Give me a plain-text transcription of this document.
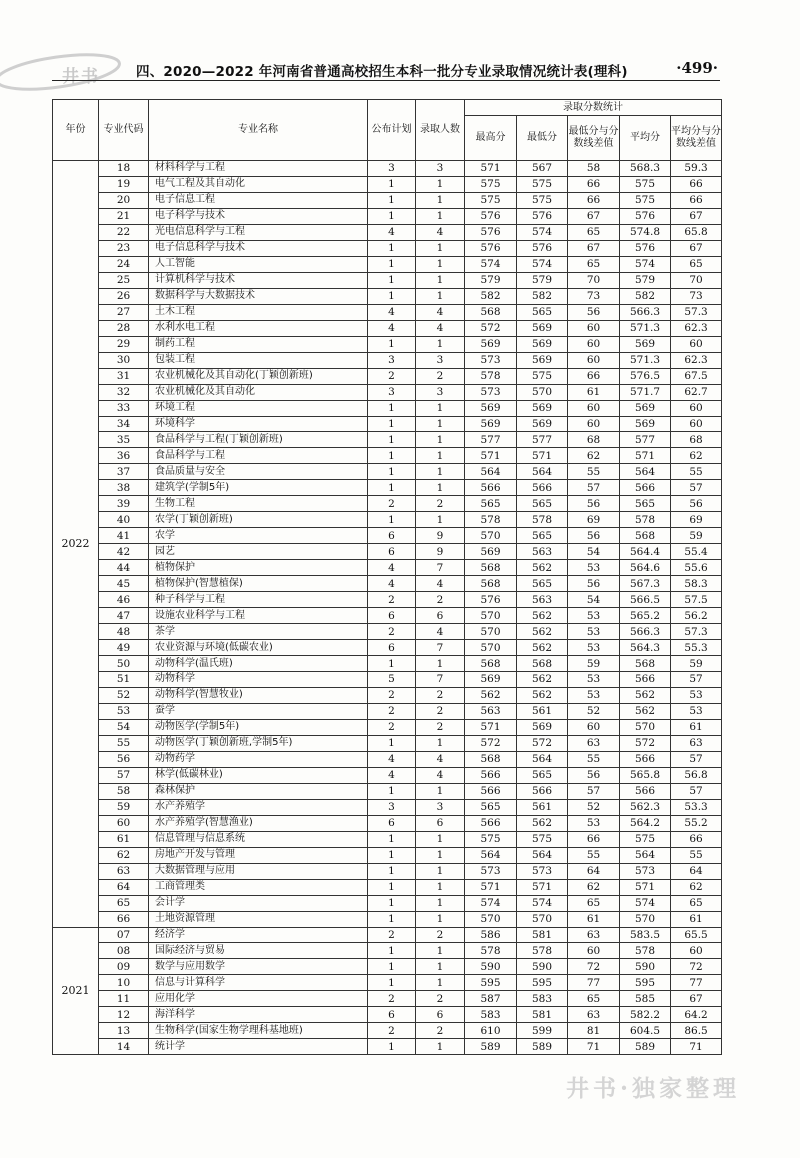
井书	四、2020—2022 年河南省普通高校招生本科一批分专业录取情况统计表(理科)	·499·
年份	专业代码	专业名称	公布计划	录取人数	录取分数统计				
					最高分	最低分	最低分与分数线差值	平均分	平均分与分数线差值
2022	18	材料科学与工程	3	3	571	567	58	568.3	59.3
	19	电气工程及其自动化	1	1	575	575	66	575	66
	20	电子信息工程	1	1	575	575	66	575	66
	21	电子科学与技术	1	1	576	576	67	576	67
	22	光电信息科学与工程	4	4	576	574	65	574.8	65.8
	23	电子信息科学与技术	1	1	576	576	67	576	67
	24	人工智能	1	1	574	574	65	574	65
	25	计算机科学与技术	1	1	579	579	70	579	70
	26	数据科学与大数据技术	1	1	582	582	73	582	73
	27	土木工程	4	4	568	565	56	566.3	57.3
	28	水利水电工程	4	4	572	569	60	571.3	62.3
	29	制药工程	1	1	569	569	60	569	60
	30	包装工程	3	3	573	569	60	571.3	62.3
	31	农业机械化及其自动化(丁颖创新班)	2	2	578	575	66	576.5	67.5
	32	农业机械化及其自动化	3	3	573	570	61	571.7	62.7
	33	环境工程	1	1	569	569	60	569	60
	34	环境科学	1	1	569	569	60	569	60
	35	食品科学与工程(丁颖创新班)	1	1	577	577	68	577	68
	36	食品科学与工程	1	1	571	571	62	571	62
	37	食品质量与安全	1	1	564	564	55	564	55
	38	建筑学(学制5年)	1	1	566	566	57	566	57
	39	生物工程	2	2	565	565	56	565	56
	40	农学(丁颖创新班)	1	1	578	578	69	578	69
	41	农学	6	9	570	565	56	568	59
	42	园艺	6	9	569	563	54	564.4	55.4
	44	植物保护	4	7	568	562	53	564.6	55.6
	45	植物保护(智慧植保)	4	4	568	565	56	567.3	58.3
	46	种子科学与工程	2	2	576	563	54	566.5	57.5
	47	设施农业科学与工程	6	6	570	562	53	565.2	56.2
	48	茶学	2	4	570	562	53	566.3	57.3
	49	农业资源与环境(低碳农业)	6	7	570	562	53	564.3	55.3
	50	动物科学(温氏班)	1	1	568	568	59	568	59
	51	动物科学	5	7	569	562	53	566	57
	52	动物科学(智慧牧业)	2	2	562	562	53	562	53
	53	蚕学	2	2	563	561	52	562	53
	54	动物医学(学制5年)	2	2	571	569	60	570	61
	55	动物医学(丁颖创新班,学制5年)	1	1	572	572	63	572	63
	56	动物药学	4	4	568	564	55	566	57
	57	林学(低碳林业)	4	4	566	565	56	565.8	56.8
	58	森林保护	1	1	566	566	57	566	57
	59	水产养殖学	3	3	565	561	52	562.3	53.3
	60	水产养殖学(智慧渔业)	6	6	566	562	53	564.2	55.2
	61	信息管理与信息系统	1	1	575	575	66	575	66
	62	房地产开发与管理	1	1	564	564	55	564	55
	63	大数据管理与应用	1	1	573	573	64	573	64
	64	工商管理类	1	1	571	571	62	571	62
	65	会计学	1	1	574	574	65	574	65
	66	土地资源管理	1	1	570	570	61	570	61
2021	07	经济学	2	2	586	581	63	583.5	65.5
	08	国际经济与贸易	1	1	578	578	60	578	60
	09	数学与应用数学	1	1	590	590	72	590	72
	10	信息与计算科学	1	1	595	595	77	595	77
	11	应用化学	2	2	587	583	65	585	67
	12	海洋科学	6	6	583	581	63	582.2	64.2
	13	生物科学(国家生物学理科基地班)	2	2	610	599	81	604.5	86.5
	14	统计学	1	1	589	589	71	589	71
井书·独家整理
